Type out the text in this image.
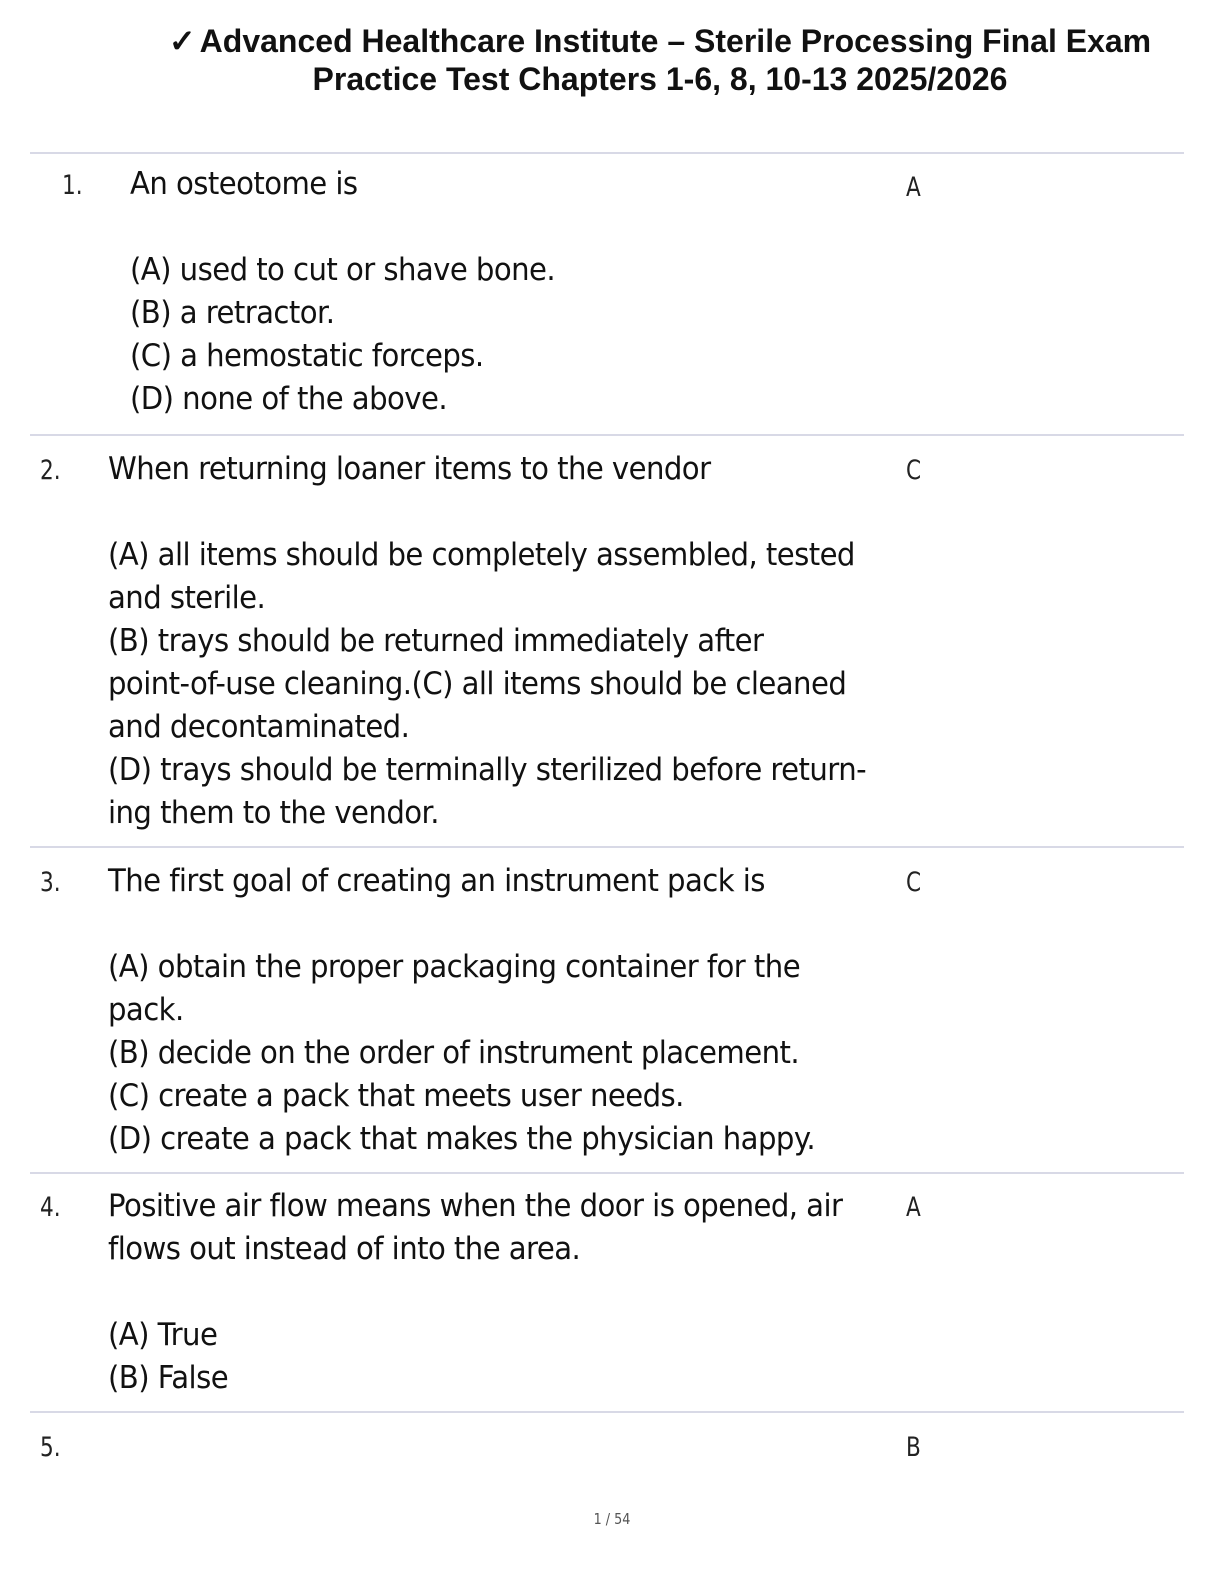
✓ Advanced Healthcare Institute – Sterile Processing Final Exam
Practice Test Chapters 1-6, 8, 10-13 2025/2026
1. An osteotome is

(A) used to cut or shave bone.
(B) a retractor.
(C) a hemostatic forceps.
(D) none of the above.
A
2. When returning loaner items to the vendor

(A) all items should be completely assembled, tested
and sterile.
(B) trays should be returned immediately after
point-of-use cleaning.(C) all items should be cleaned
and decontaminated.
(D) trays should be terminally sterilized before return-
ing them to the vendor.
C
3. The first goal of creating an instrument pack is

(A) obtain the proper packaging container for the
pack.
(B) decide on the order of instrument placement.
(C) create a pack that meets user needs.
(D) create a pack that makes the physician happy.
C
4. Positive air flow means when the door is opened, air
flows out instead of into the area.

(A) True
(B) False
A
5.	B
1 / 54
